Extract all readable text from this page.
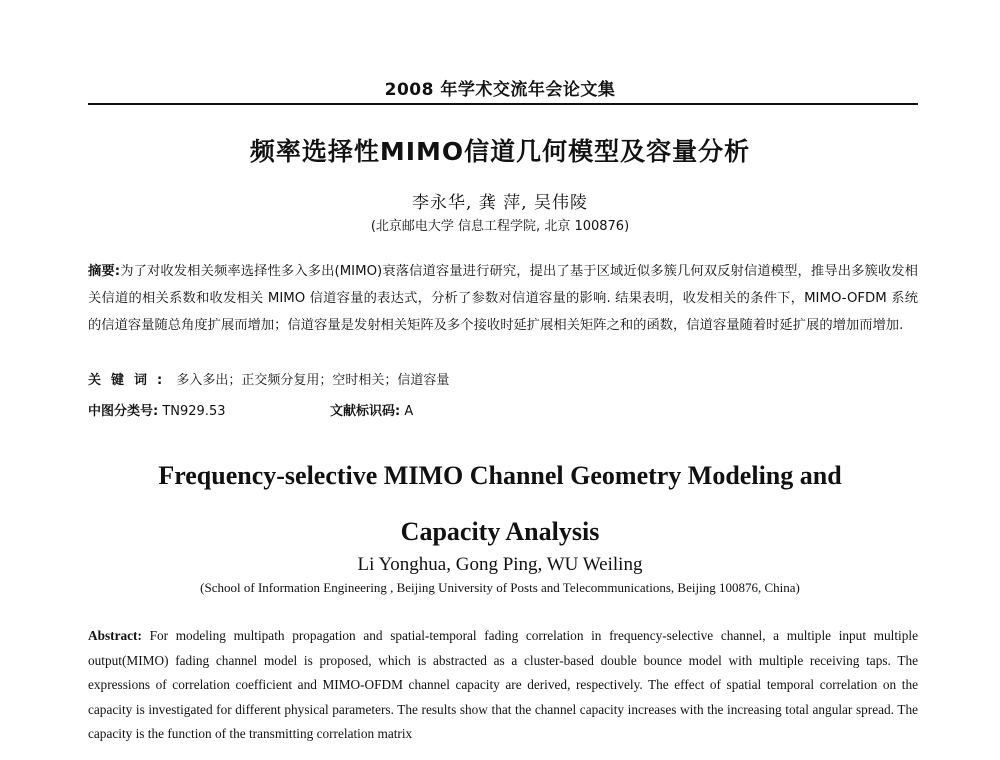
2008 年学术交流年会论文集
频率选择性MIMO信道几何模型及容量分析
李永华, 龚 萍, 吴伟陵
(北京邮电大学 信息工程学院, 北京 100876)
摘要:为了对收发相关频率选择性多入多出(MIMO)衰落信道容量进行研究，提出了基于区域近似多簇几何双反射信道模型，推导出多簇收发相关信道的相关系数和收发相关 MIMO 信道容量的表达式，分析了参数对信道容量的影响. 结果表明，收发相关的条件下，MIMO-OFDM 系统的信道容量随总角度扩展而增加；信道容量是发射相关矩阵及多个接收时延扩展相关矩阵之和的函数，信道容量随着时延扩展的增加而增加.
关键词: 多入多出；正交频分复用；空时相关；信道容量
中图分类号: TN929.53	文献标识码: A
Frequency-selective MIMO Channel Geometry Modeling and
Capacity Analysis
Li Yonghua, Gong Ping, WU Weiling
(School of Information Engineering , Beijing University of Posts and Telecommunications, Beijing 100876, China)
Abstract: For modeling multipath propagation and spatial-temporal fading correlation in frequency-selective channel, a multiple input multiple output(MIMO) fading channel model is proposed, which is abstracted as a cluster-based double bounce model with multiple receiving taps. The expressions of correlation coefficient and MIMO-OFDM channel capacity are derived, respectively. The effect of spatial temporal correlation on the capacity is investigated for different physical parameters. The results show that the channel capacity increases with the increasing total angular spread. The capacity is the function of the transmitting correlation matrix
